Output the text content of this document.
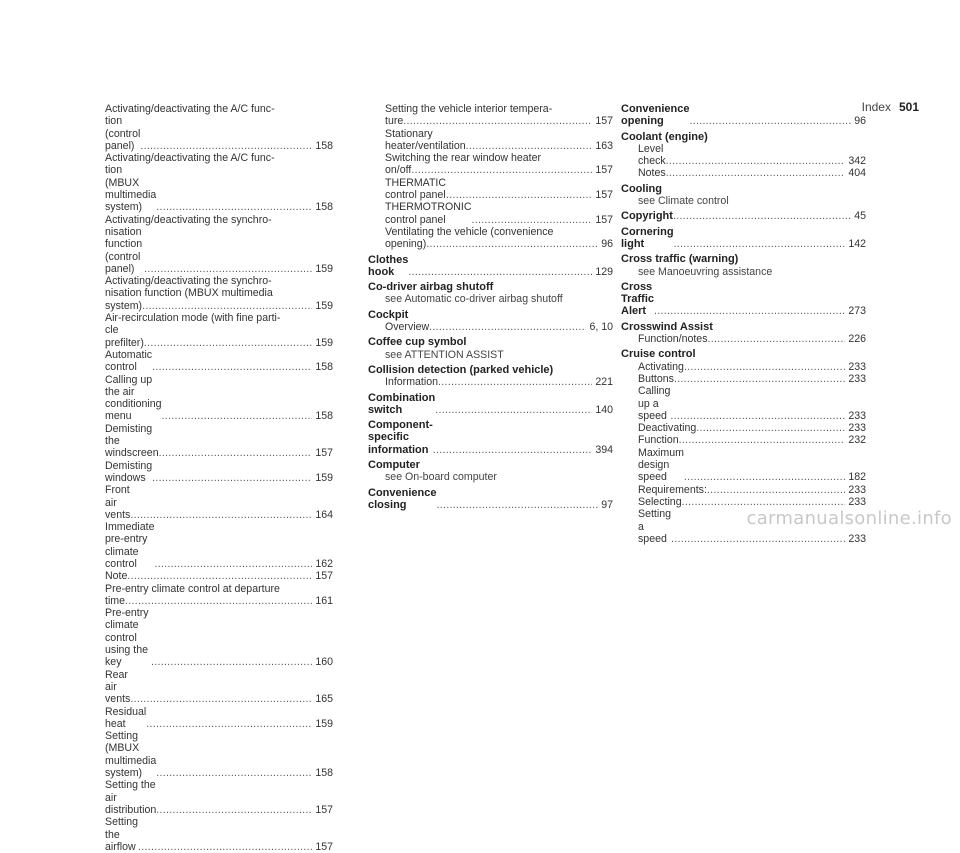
Index 501
Activating/deactivating the A/C func-
tion (control panel) .....	158
Activating/deactivating the A/C func-
tion (MBUX multimedia system) .....	158
Activating/deactivating the synchro-
nisation function (control panel) .....	159
Activating/deactivating the synchro-
nisation function (MBUX multimedia
system) .....	159
Air-recirculation mode (with fine parti-
cle prefilter) .....	159
Automatic control .....	158
Calling up the air conditioning menu .....	158
Demisting the windscreen .....	157
Demisting windows .....	159
Front air vents .....	164
Immediate pre-entry climate control .....	162
Note .....	157
Pre-entry climate control at departure
time .....	161
Pre-entry climate control using the key .....	160
Rear air vents .....	165
Residual heat .....	159
Setting (MBUX multimedia system) .....	158
Setting the air distribution .....	157
Setting the airflow .....	157
Setting the vehicle interior tempera-
ture .....	157
Stationary heater/ventilation .....	163
Switching the rear window heater
on/off .....	157
THERMATIC control panel .....	157
THERMOTRONIC control panel .....	157
Ventilating the vehicle (convenience
opening) .....	96
Clothes hook .....	129
Co-driver airbag shutoff
see Automatic co-driver airbag shutoff
Cockpit
Overview .....	6, 10
Coffee cup symbol
see ATTENTION ASSIST
Collision detection (parked vehicle)
Information .....	221
Combination switch .....	140
Component-specific information .....	394
Computer
see On-board computer
Convenience closing .....	97
Convenience opening .....	96
Coolant (engine)
Level check .....	342
Notes .....	404
Cooling
see Climate control
Copyright .....	45
Cornering light .....	142
Cross traffic (warning)
see Manoeuvring assistance
Cross Traffic Alert .....	273
Crosswind Assist
Function/notes .....	226
Cruise control
Activating .....	233
Buttons .....	233
Calling up a speed .....	233
Deactivating .....	233
Function .....	232
Maximum design speed .....	182
Requirements: .....	233
Selecting .....	233
Setting a speed .....	233
carmanualsonline.info
